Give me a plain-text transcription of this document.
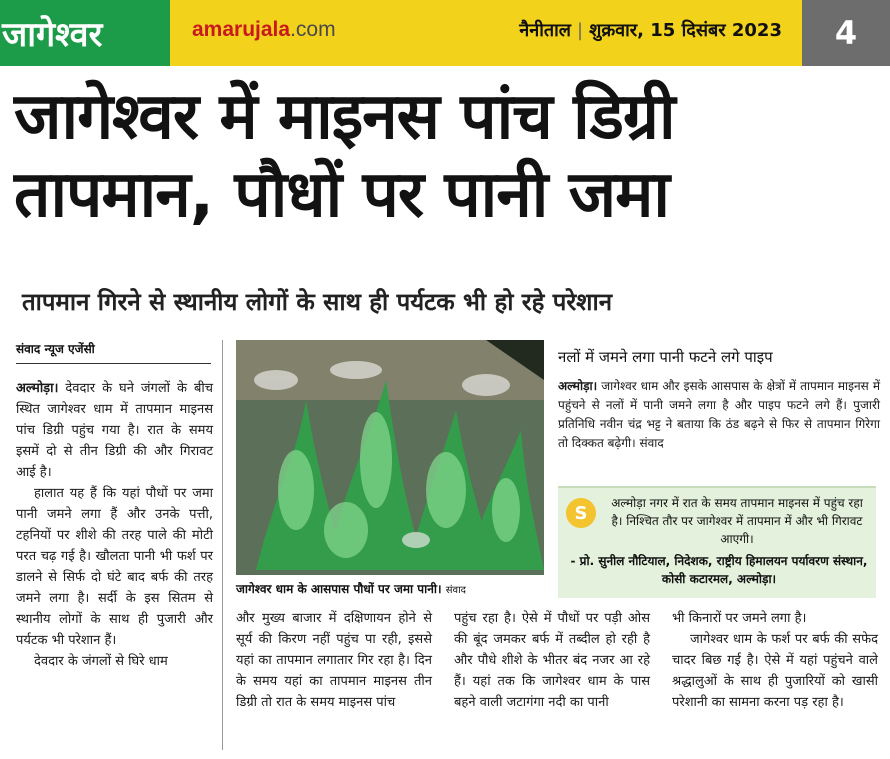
जागेश्वर	amarujala.com	नैनीताल | शुक्रवार, 15 दिसंबर 2023	4
जागेश्वर में माइनस पांच डिग्री
तापमान, पौधों पर पानी जमा
तापमान गिरने से स्थानीय लोगों के साथ ही पर्यटक भी हो रहे परेशान
संवाद न्यूज एजेंसी

अल्मोड़ा। देवदार के घने जंगलों के बीच स्थित जागेश्वर धाम में तापमान माइनस पांच डिग्री पहुंच गया है। रात के समय इसमें दो से तीन डिग्री की और गिरावट आई है।

हालात यह हैं कि यहां पौधों पर जमा पानी जमने लगा हैं और उनके पत्ती, टहनियों पर शीशे की तरह पाले की मोटी परत चढ़ गई है। खौलता पानी भी फर्श पर डालने से सिर्फ दो घंटे बाद बर्फ की तरह जमने लगा है। सर्दी के इस सितम से स्थानीय लोगों के साथ ही पुजारी और पर्यटक भी परेशान हैं।

देवदार के जंगलों से घिरे धाम

जागेश्वर धाम के आसपास पौधों पर जमा पानी। संवाद

और मुख्य बाजार में दक्षिणायन होने से सूर्य की किरण नहीं पहुंच पा रही, इससे यहां का तापमान लगातार गिर रहा है। दिन के समय यहां का तापमान माइनस तीन डिग्री तो रात के समय माइनस पांच

पहुंच रहा है। ऐसे में पौधों पर पड़ी ओस की बूंद जमकर बर्फ में तब्दील हो रही है और पौधे शीशे के भीतर बंद नजर आ रहे हैं। यहां तक कि जागेश्वर धाम के पास बहने वाली जटागंगा नदी का पानी

भी किनारों पर जमने लगा है।

जागेश्वर धाम के फर्श पर बर्फ की सफेद चादर बिछ गई है। ऐसे में यहां पहुंचने वाले श्रद्धालुओं के साथ ही पुजारियों को खासी परेशानी का सामना करना पड़ रहा है।

नलों में जमने लगा पानी फटने लगे पाइप

अल्मोड़ा। जागेश्वर धाम और इसके आसपास के क्षेत्रों में तापमान माइनस में पहुंचने से नलों में पानी जमने लगा है और पाइप फटने लगे हैं। पुजारी प्रतिनिधि नवीन चंद्र भट्ट ने बताया कि ठंड बढ़ने से फिर से तापमान गिरेगा तो दिक्कत बढ़ेगी। संवाद

S	अल्मोड़ा नगर में रात के समय तापमान माइनस में पहुंच रहा है। निश्चित तौर पर जागेश्वर में तापमान में और भी गिरावट आएगी।
- प्रो. सुनील नौटियाल, निदेशक, राष्ट्रीय हिमालयन पर्यावरण संस्थान, कोसी कटारमल, अल्मोड़ा।
